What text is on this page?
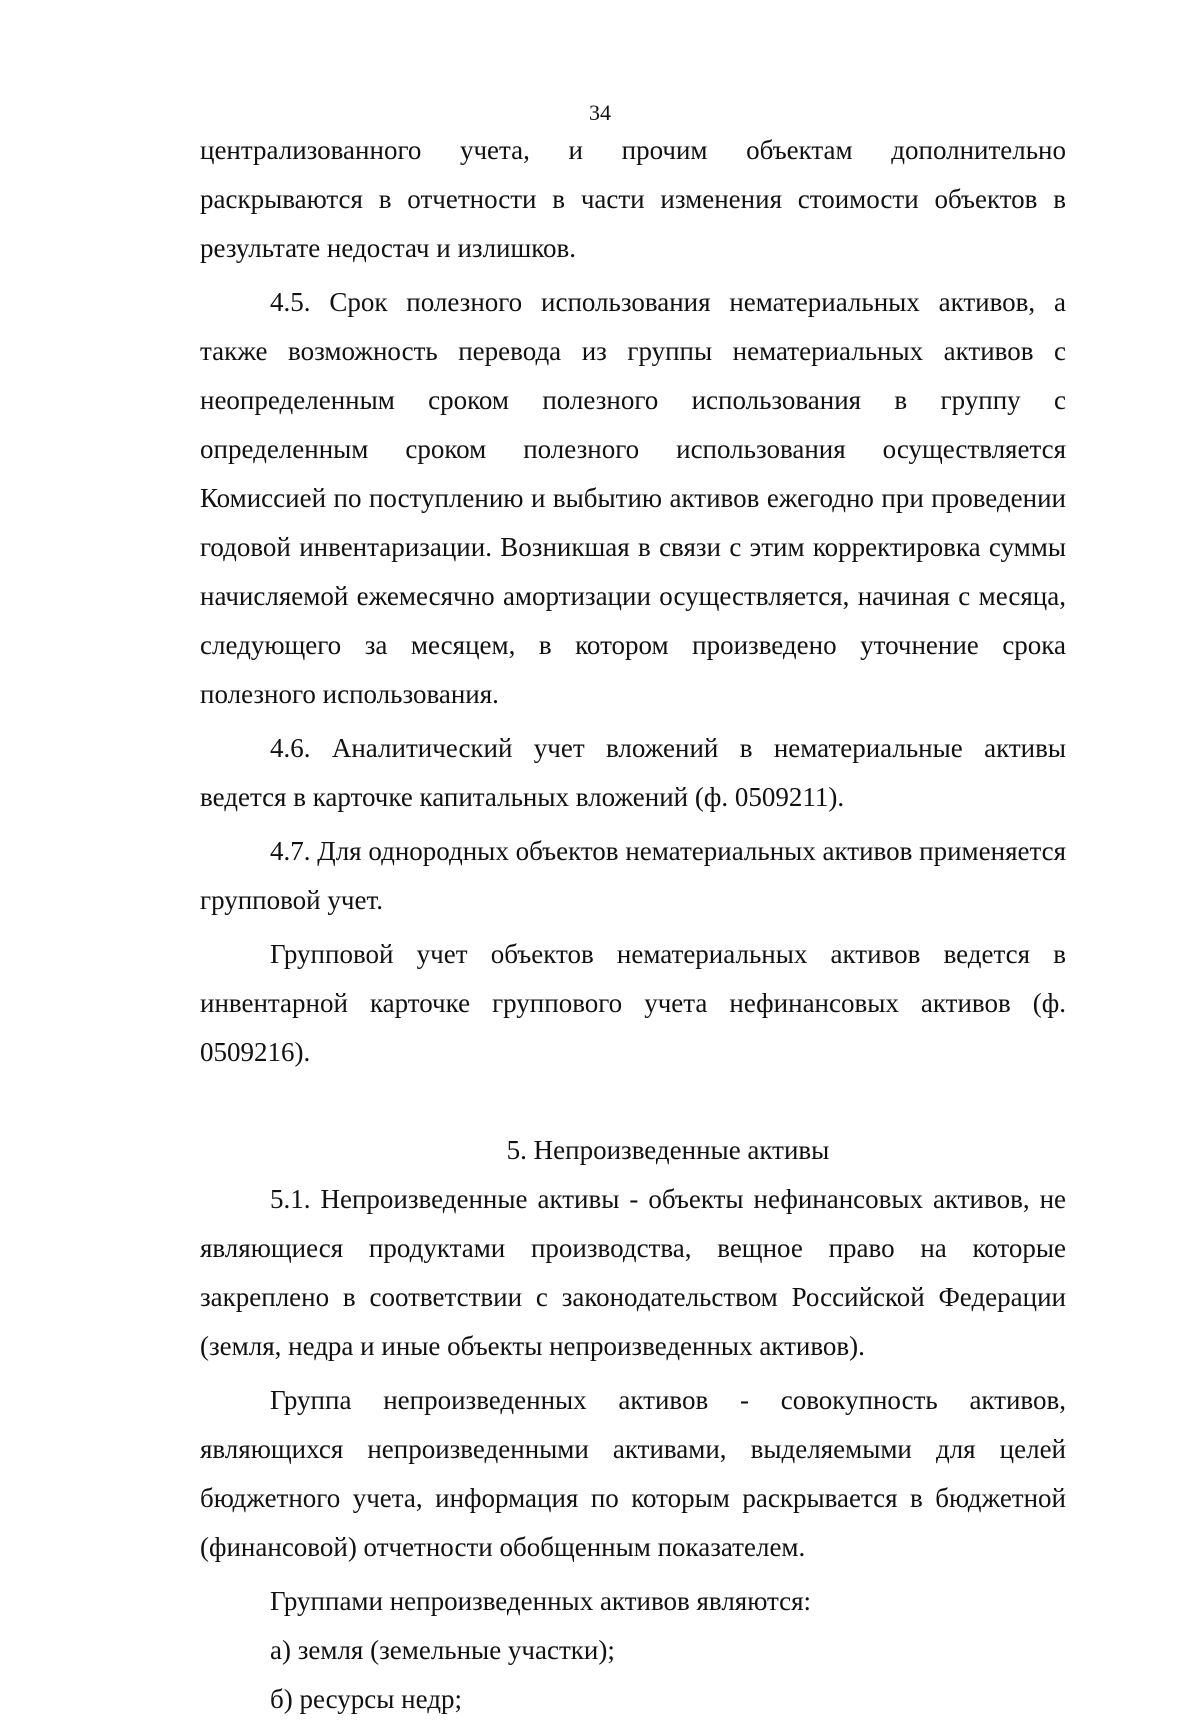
34

централизованного учета, и прочим объектам дополнительно раскрываются в отчетности в части изменения стоимости объектов в результате недостач и излишков.

4.5. Срок полезного использования нематериальных активов, а также возможность перевода из группы нематериальных активов с неопределенным сроком полезного использования в группу с определенным сроком полезного использования осуществляется Комиссией по поступлению и выбытию активов ежегодно при проведении годовой инвентаризации. Возникшая в связи с этим корректировка суммы начисляемой ежемесячно амортизации осуществляется, начиная с месяца, следующего за месяцем, в котором произведено уточнение срока полезного использования.

4.6. Аналитический учет вложений в нематериальные активы ведется в карточке капитальных вложений (ф. 0509211).

4.7. Для однородных объектов нематериальных активов применяется групповой учет.

Групповой учет объектов нематериальных активов ведется в инвентарной карточке группового учета нефинансовых активов (ф. 0509216).

5. Непроизведенные активы

5.1. Непроизведенные активы - объекты нефинансовых активов, не являющиеся продуктами производства, вещное право на которые закреплено в соответствии с законодательством Российской Федерации (земля, недра и иные объекты непроизведенных активов).

Группа непроизведенных активов - совокупность активов, являющихся непроизведенными активами, выделяемыми для целей бюджетного учета, информация по которым раскрывается в бюджетной (финансовой) отчетности обобщенным показателем.

Группами непроизведенных активов являются:

а) земля (земельные участки);

б) ресурсы недр;
